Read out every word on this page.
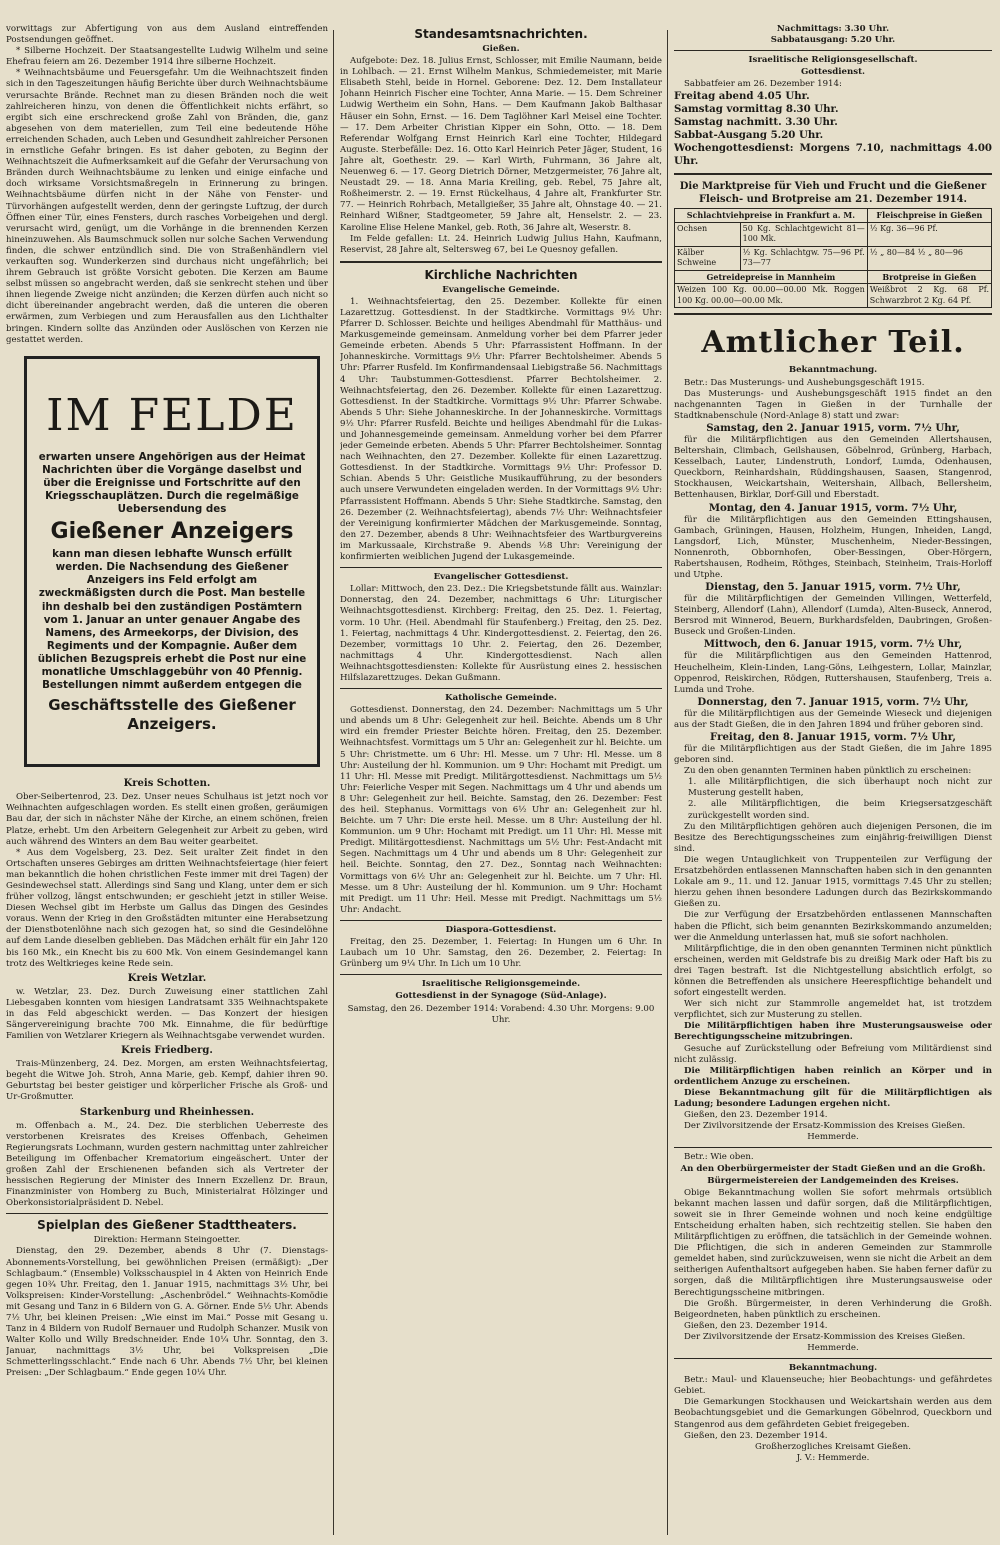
vorwittags zur Abfertigung von aus dem Ausland eintreffenden Postsendungen geöffnet.

* Silberne Hochzeit. Der Staatsangestellte Ludwig Wilhelm und seine Ehefrau feiern am 26. Dezember 1914 ihre silberne Hochzeit.

* Weihnachtsbäume und Feuersgefahr. Um die Weihnachtszeit finden sich in den Tageszeitungen häufig Berichte über durch Weihnachtsbäume verursachte Brände. Rechnet man zu diesen Bränden noch die weit zahlreicheren hinzu, von denen die Öffentlichkeit nichts erfährt, so ergibt sich eine erschreckend große Zahl von Bränden, die, ganz abgesehen von dem materiellen, zum Teil eine bedeutende Höhe erreichenden Schaden, auch Leben und Gesundheit zahlreicher Personen in ernstliche Gefahr bringen. Es ist daher geboten, zu Beginn der Weihnachtszeit die Aufmerksamkeit auf die Gefahr der Verursachung von Bränden durch Weihnachtsbäume zu lenken und einige einfache und doch wirksame Vorsichtsmaßregeln in Erinnerung zu bringen. Weihnachtsbäume dürfen nicht in der Nähe von Fenster- und Türvorhängen aufgestellt werden, denn der geringste Luftzug, der durch Öffnen einer Tür, eines Fensters, durch rasches Vorbeigehen und dergl. verursacht wird, genügt, um die Vorhänge in die brennenden Kerzen hineinzuwehen. Als Baumschmuck sollen nur solche Sachen Verwendung finden, die schwer entzündlich sind. Die von Straßenhändlern viel verkauften sog. Wunderkerzen sind durchaus nicht ungefährlich; bei ihrem Gebrauch ist größte Vorsicht geboten. Die Kerzen am Baume selbst müssen so angebracht werden, daß sie senkrecht stehen und über ihnen liegende Zweige nicht anzünden; die Kerzen dürfen auch nicht so dicht übereinander angebracht werden, daß die unteren die oberen erwärmen, zum Verbiegen und zum Herausfallen aus den Lichthalter bringen. Kindern sollte das Anzünden oder Auslöschen von Kerzen nie gestattet werden.

IM FELDE
erwarten unsere Angehörigen aus der Heimat Nachrichten über die Vorgänge daselbst und über die Ereignisse und Fortschritte auf den Kriegsschauplätzen. Durch die regelmäßige Uebersendung des
Gießener Anzeigers
kann man diesen lebhafte Wunsch erfüllt werden. Die Nachsendung des Gießener Anzeigers ins Feld erfolgt am zweckmäßigsten durch die Post. Man bestelle ihn deshalb bei den zuständigen Postämtern vom 1. Januar an unter genauer Angabe des Namens, des Armeekorps, der Division, des Regiments und der Kompagnie. Außer dem üblichen Bezugspreis erhebt die Post nur eine monatliche Umschlaggebühr von 40 Pfennig. Bestellungen nimmt außerdem entgegen die
Geschäftsstelle des Gießener Anzeigers.
Kreis Schotten.

Ober-Seibertenrod, 23. Dez. Unser neues Schulhaus ist jetzt noch vor Weihnachten aufgeschlagen worden. Es stellt einen großen, geräumigen Bau dar, der sich in nächster Nähe der Kirche, an einem schönen, freien Platze, erhebt. Um den Arbeitern Gelegenheit zur Arbeit zu geben, wird auch während des Winters an dem Bau weiter gearbeitet.

* Aus dem Vogelsberg, 23. Dez. Seit uralter Zeit findet in den Ortschaften unseres Gebirges am dritten Weihnachtsfeiertage (hier feiert man bekanntlich die hohen christlichen Feste immer mit drei Tagen) der Gesindewechsel statt. Allerdings sind Sang und Klang, unter dem er sich früher vollzog, längst entschwunden; er geschieht jetzt in stiller Weise. Diesen Wechsel gibt im Herbste um Gallus das Dingen des Gesindes voraus. Wenn der Krieg in den Großstädten mitunter eine Herabsetzung der Dienstbotenlöhne nach sich gezogen hat, so sind die Gesindelöhne auf dem Lande dieselben geblieben. Das Mädchen erhält für ein Jahr 120 bis 160 Mk., ein Knecht bis zu 600 Mk. Von einem Gesindemangel kann trotz des Weltkrieges keine Rede sein.

Kreis Wetzlar.

w. Wetzlar, 23. Dez. Durch Zuweisung einer stattlichen Zahl Liebesgaben konnten vom hiesigen Landratsamt 335 Weihnachtspakete in das Feld abgeschickt werden. — Das Konzert der hiesigen Sängervereinigung brachte 700 Mk. Einnahme, die für bedürftige Familien von Wetzlarer Kriegern als Weihnachtsgabe verwendet wurden.

Kreis Friedberg.

Trais-Münzenberg, 24. Dez. Morgen, am ersten Weihnachtsfeiertag, begeht die Witwe Joh. Stroh, Anna Marie, geb. Kempf, dahier ihren 90. Geburtstag bei bester geistiger und körperlicher Frische als Groß- und Ur-Großmutter.

Starkenburg und Rheinhessen.

m. Offenbach a. M., 24. Dez. Die sterblichen Ueberreste des verstorbenen Kreisrates des Kreises Offenbach, Geheimen Regierungsrats Lochmann, wurden gestern nachmittag unter zahlreicher Beteiligung im Offenbacher Krematorium eingeäschert. Unter der großen Zahl der Erschienenen befanden sich als Vertreter der hessischen Regierung der Minister des Innern Exzellenz Dr. Braun, Finanzminister von Homberg zu Buch, Ministerialrat Hölzinger und Oberkonsistorialpräsident D. Nebel.

Spielplan des Gießener Stadttheaters.

Direktion: Hermann Steingoetter.

Dienstag, den 29. Dezember, abends 8 Uhr (7. Dienstags-Abonnements-Vorstellung, bei gewöhnlichen Preisen (ermäßigt): „Der Schlagbaum.“ (Ensemble) Volksschauspiel in 4 Akten von Heinrich Ende gegen 10¾ Uhr. Freitag, den 1. Januar 1915, nachmittags 3½ Uhr, bei Volkspreisen: Kinder-Vorstellung: „Aschenbrödel.“ Weihnachts-Komödie mit Gesang und Tanz in 6 Bildern von G. A. Görner. Ende 5½ Uhr. Abends 7½ Uhr, bei kleinen Preisen: „Wie einst im Mai.“ Posse mit Gesang u. Tanz in 4 Bildern von Rudolf Bernauer und Rudolph Schanzer. Musik von Walter Kollo und Willy Bredschneider. Ende 10¼ Uhr. Sonntag, den 3. Januar, nachmittags 3½ Uhr, bei Volkspreisen „Die Schmetterlingsschlacht.“ Ende nach 6 Uhr. Abends 7½ Uhr, bei kleinen Preisen: „Der Schlagbaum.“ Ende gegen 10¼ Uhr.

Standesamtsnachrichten.
Gießen.

Aufgebote: Dez. 18. Julius Ernst, Schlosser, mit Emilie Naumann, beide in Lohlbach. — 21. Ernst Wilhelm Mankus, Schmiedemeister, mit Marie Elisabeth Stehl, beide in Hornel. Geborene: Dez. 12. Dem Installateur Johann Heinrich Fischer eine Tochter, Anna Marie. — 15. Dem Schreiner Ludwig Wertheim ein Sohn, Hans. — Dem Kaufmann Jakob Balthasar Häuser ein Sohn, Ernst. — 16. Dem Taglöhner Karl Meisel eine Tochter. — 17. Dem Arbeiter Christian Kipper ein Sohn, Otto. — 18. Dem Referendar Wolfgang Ernst Heinrich Karl eine Tochter, Hildegard Auguste. Sterbefälle: Dez. 16. Otto Karl Heinrich Peter Jäger, Student, 16 Jahre alt, Goethestr. 29. — Karl Wirth, Fuhrmann, 36 Jahre alt, Neuenweg 6. — 17. Georg Dietrich Dörner, Metzgermeister, 76 Jahre alt, Neustadt 29. — 18. Anna Maria Kreiling, geb. Rebel, 75 Jahre alt, Roßheimerstr. 2. — 19. Ernst Rückelhaus, 4 Jahre alt, Frankfurter Str. 77. — Heinrich Rohrbach, Metallgießer, 35 Jahre alt, Ohnstage 40. — 21. Reinhard Wißner, Stadtgeometer, 59 Jahre alt, Henselstr. 2. — 23. Karoline Elise Helene Mankel, geb. Roth, 36 Jahre alt, Weserstr. 8.

Im Felde gefallen: Lt. 24. Heinrich Ludwig Julius Hahn, Kaufmann, Reservist, 28 Jahre alt, Seltersweg 67, bei Le Quesnoy gefallen.

Kirchliche Nachrichten
Evangelische Gemeinde.

1. Weihnachtsfeiertag, den 25. Dezember. Kollekte für einen Lazarettzug. Gottesdienst. In der Stadtkirche. Vormittags 9½ Uhr: Pfarrer D. Schlosser. Beichte und heiliges Abendmahl für Matthäus- und Markusgemeinde gemeinsam. Anmeldung vorher bei dem Pfarrer jeder Gemeinde erbeten. Abends 5 Uhr: Pfarrassistent Hoffmann. In der Johanneskirche. Vormittags 9½ Uhr: Pfarrer Bechtolsheimer. Abends 5 Uhr: Pfarrer Rusfeld. Im Konfirmandensaal Liebigstraße 56. Nachmittags 4 Uhr: Taubstummen-Gottesdienst. Pfarrer Bechtolsheimer. 2. Weihnachtsfeiertag, den 26. Dezember. Kollekte für einen Lazarettzug. Gottesdienst. In der Stadtkirche. Vormittags 9½ Uhr: Pfarrer Schwabe. Abends 5 Uhr: Siehe Johanneskirche. In der Johanneskirche. Vormittags 9½ Uhr: Pfarrer Rusfeld. Beichte und heiliges Abendmahl für die Lukas- und Johannesgemeinde gemeinsam. Anmeldung vorher bei dem Pfarrer jeder Gemeinde erbeten. Abends 5 Uhr: Pfarrer Bechtolsheimer. Sonntag nach Weihnachten, den 27. Dezember. Kollekte für einen Lazarettzug. Gottesdienst. In der Stadtkirche. Vormittags 9½ Uhr: Professor D. Schian. Abends 5 Uhr: Geistliche Musikaufführung, zu der besonders auch unsere Verwundeten eingeladen werden. In der Vormittags 9½ Uhr: Pfarrassistent Hoffmann. Abends 5 Uhr: Siehe Stadtkirche. Samstag, den 26. Dezember (2. Weihnachtsfeiertag), abends 7½ Uhr: Weihnachtsfeier der Vereinigung konfirmierter Mädchen der Markusgemeinde. Sonntag, den 27. Dezember, abends 8 Uhr: Weihnachtsfeier des Wartburgvereins im Markussaale, Kirchstraße 9. Abends ½8 Uhr: Vereinigung der konfirmierten weiblichen Jugend der Lukasgemeinde.

Evangelischer Gottesdienst.

Lollar: Mittwoch, den 23. Dez.: Die Kriegsbetstunde fällt aus. Wainzlar: Donnerstag, den 24. Dezember, nachmittags 6 Uhr: Liturgischer Weihnachtsgottesdienst. Kirchberg: Freitag, den 25. Dez. 1. Feiertag, vorm. 10 Uhr. (Heil. Abendmahl für Staufenberg.) Freitag, den 25. Dez. 1. Feiertag, nachmittags 4 Uhr. Kindergottesdienst. 2. Feiertag, den 26. Dezember, vormittags 10 Uhr. 2. Feiertag, den 26. Dezember, nachmittags 4 Uhr. Kindergottesdienst. Nach allen Weihnachtsgottesdiensten: Kollekte für Ausrüstung eines 2. hessischen Hilfslazarettzuges. Dekan Gußmann.

Katholische Gemeinde.

Gottesdienst. Donnerstag, den 24. Dezember: Nachmittags um 5 Uhr und abends um 8 Uhr: Gelegenheit zur heil. Beichte. Abends um 8 Uhr wird ein fremder Priester Beichte hören. Freitag, den 25. Dezember. Weihnachtsfest. Vormittags um 5 Uhr an: Gelegenheit zur hl. Beichte. um 5 Uhr: Christmette. um 6 Uhr: Hl. Messe. um 7 Uhr: Hl. Messe. um 8 Uhr: Austeilung der hl. Kommunion. um 9 Uhr: Hochamt mit Predigt. um 11 Uhr: Hl. Messe mit Predigt. Militärgottesdienst. Nachmittags um 5½ Uhr: Feierliche Vesper mit Segen. Nachmittags um 4 Uhr und abends um 8 Uhr: Gelegenheit zur heil. Beichte. Samstag, den 26. Dezember: Fest des heil. Stephanus. Vormittags von 6½ Uhr an: Gelegenheit zur hl. Beichte. um 7 Uhr: Die erste heil. Messe. um 8 Uhr: Austeilung der hl. Kommunion. um 9 Uhr: Hochamt mit Predigt. um 11 Uhr: Hl. Messe mit Predigt. Militärgottesdienst. Nachmittags um 5½ Uhr: Fest-Andacht mit Segen. Nachmittags um 4 Uhr und abends um 8 Uhr: Gelegenheit zur heil. Beichte. Sonntag, den 27. Dez., Sonntag nach Weihnachten: Vormittags von 6½ Uhr an: Gelegenheit zur hl. Beichte. um 7 Uhr: Hl. Messe. um 8 Uhr: Austeilung der hl. Kommunion. um 9 Uhr: Hochamt mit Predigt. um 11 Uhr: Heil. Messe mit Predigt. Nachmittags um 5½ Uhr: Andacht.

Diaspora-Gottesdienst.

Freitag, den 25. Dezember, 1. Feiertag: In Hungen um 6 Uhr. In Laubach um 10 Uhr. Samstag, den 26. Dezember, 2. Feiertag: In Grünberg um 9¼ Uhr. In Lich um 10 Uhr.

Israelitische Religionsgemeinde.
Gottesdienst in der Synagoge (Süd-Anlage).

Samstag, den 26. Dezember 1914: Vorabend: 4.30 Uhr. Morgens: 9.00 Uhr.

Nachmittags: 3.30 Uhr.

Sabbatausgang: 5.20 Uhr.

Israelitische Religionsgesellschaft.
Gottesdienst.

Sabbatfeier am 26. Dezember 1914:

Freitag abend 4.05 Uhr.

Samstag vormittag 8.30 Uhr.

Samstag nachmitt. 3.30 Uhr.

Sabbat-Ausgang 5.20 Uhr.

Wochengottesdienst: Morgens 7.10, nachmittags 4.00 Uhr.

Die Marktpreise für Vieh und Frucht und die Gießener Fleisch- und Brotpreise am 21. Dezember 1914.
Schlachtviehpreise in Frankfurt a. M.		Fleischpreise in Gießen
Ochsen	50 Kg. Schlachtgewicht 81—100 Mk.	½ Kg. 36—96 Pf.
Kälber Schweine	½ Kg. Schlachtgw. 75—96 Pf. 73—77	½ „ 80—84 ½ „ 80—96
Getreidepreise in Mannheim		Brotpreise in Gießen
Weizen 100 Kg. 00.00—00.00 Mk. Roggen 100 Kg. 00.00—00.00 Mk.		Weißbrot 2 Kg. 68 Pf. Schwarzbrot 2 Kg. 64 Pf.
Amtlicher Teil.
Bekanntmachung.

Betr.: Das Musterungs- und Aushebungsgeschäft 1915.

Das Musterungs- und Aushebungsgeschäft 1915 findet an den nachgenannten Tagen in Gießen in der Turnhalle der Stadtknabenschule (Nord-Anlage 8) statt und zwar:

Samstag, den 2. Januar 1915, vorm. 7½ Uhr,

für die Militärpflichtigen aus den Gemeinden Allertshausen, Beltershain, Climbach, Geilshausen, Göbelnrod, Grünberg, Harbach, Kesselbach, Lauter, Lindenstruth, Londorf, Lumda, Odenhausen, Queckborn, Reinhardshain, Rüddingshausen, Saasen, Stangenrod, Stockhausen, Weickartshain, Weitershain, Allbach, Bellersheim, Bettenhausen, Birklar, Dorf-Gill und Eberstadt.

Montag, den 4. Januar 1915, vorm. 7½ Uhr,

für die Militärpflichtigen aus den Gemeinden Ettingshausen, Gambach, Grüningen, Hausen, Holzheim, Hungen, Inheiden, Langd, Langsdorf, Lich, Münster, Muschenheim, Nieder-Bessingen, Nonnenroth, Obbornhofen, Ober-Bessingen, Ober-Hörgern, Rabertshausen, Rodheim, Röthges, Steinbach, Steinheim, Trais-Horloff und Utphe.

Dienstag, den 5. Januar 1915, vorm. 7½ Uhr,

für die Militärpflichtigen der Gemeinden Villingen, Wetterfeld, Steinberg, Allendorf (Lahn), Allendorf (Lumda), Alten-Buseck, Annerod, Bersrod mit Winnerod, Beuern, Burkhardsfelden, Daubringen, Großen-Buseck und Großen-Linden.

Mittwoch, den 6. Januar 1915, vorm. 7½ Uhr,

für die Militärpflichtigen aus den Gemeinden Hattenrod, Heuchelheim, Klein-Linden, Lang-Göns, Leihgestern, Lollar, Mainzlar, Oppenrod, Reiskirchen, Rödgen, Ruttershausen, Staufenberg, Treis a. Lumda und Trohe.

Donnerstag, den 7. Januar 1915, vorm. 7½ Uhr,

für die Militärpflichtigen aus der Gemeinde Wieseck und diejenigen aus der Stadt Gießen, die in den Jahren 1894 und früher geboren sind.

Freitag, den 8. Januar 1915, vorm. 7½ Uhr,

für die Militärpflichtigen aus der Stadt Gießen, die im Jahre 1895 geboren sind.

Zu den oben genannten Terminen haben pünktlich zu erscheinen:

1. alle Militärpflichtigen, die sich überhaupt noch nicht zur Musterung gestellt haben,

2. alle Militärpflichtigen, die beim Kriegsersatzgeschäft zurückgestellt worden sind.

Zu den Militärpflichtigen gehören auch diejenigen Personen, die im Besitze des Berechtigungsscheines zum einjährig-freiwilligen Dienst sind.

Die wegen Untauglichkeit von Truppenteilen zur Verfügung der Ersatzbehörden entlassenen Mannschaften haben sich in den genannten Lokale am 9., 11. und 12. Januar 1915, vormittags 7.45 Uhr zu stellen; hierzu gehen ihnen besondere Ladungen durch das Bezirkskommando Gießen zu.

Die zur Verfügung der Ersatzbehörden entlassenen Mannschaften haben die Pflicht, sich beim genannten Bezirkskommando anzumelden; wer die Anmeldung unterlassen hat, muß sie sofort nachholen.

Militärpflichtige, die in den oben genannten Terminen nicht pünktlich erscheinen, werden mit Geldstrafe bis zu dreißig Mark oder Haft bis zu drei Tagen bestraft. Ist die Nichtgestellung absichtlich erfolgt, so können die Betreffenden als unsichere Heerespflichtige behandelt und sofort eingestellt werden.

Wer sich nicht zur Stammrolle angemeldet hat, ist trotzdem verpflichtet, sich zur Musterung zu stellen.

Die Militärpflichtigen haben ihre Musterungsausweise oder Berechtigungsscheine mitzubringen.

Gesuche auf Zurückstellung oder Befreiung vom Militärdienst sind nicht zulässig.

Die Militärpflichtigen haben reinlich an Körper und in ordentlichem Anzuge zu erscheinen.

Diese Bekanntmachung gilt für die Militärpflichtigen als Ladung; besondere Ladungen ergehen nicht.

Gießen, den 23. Dezember 1914.

Der Zivilvorsitzende der Ersatz-Kommission des Kreises Gießen.

Hemmerde.

Betr.: Wie oben.

An den Oberbürgermeister der Stadt Gießen und an die Großh. Bürgermeistereien der Landgemeinden des Kreises.

Obige Bekanntmachung wollen Sie sofort mehrmals ortsüblich bekannt machen lassen und dafür sorgen, daß die Militärpflichtigen, soweit sie in Ihrer Gemeinde wohnen und noch keine endgültige Entscheidung erhalten haben, sich rechtzeitig stellen. Sie haben den Militärpflichtigen zu eröffnen, die tatsächlich in der Gemeinde wohnen. Die Pflichtigen, die sich in anderen Gemeinden zur Stammrolle gemeldet haben, sind zurückzuweisen, wenn sie nicht die Arbeit an dem seitherigen Aufenthaltsort aufgegeben haben. Sie haben ferner dafür zu sorgen, daß die Militärpflichtigen ihre Musterungsausweise oder Berechtigungsscheine mitbringen.

Die Großh. Bürgermeister, in deren Verhinderung die Großh. Beigeordneten, haben pünktlich zu erscheinen.

Gießen, den 23. Dezember 1914.

Der Zivilvorsitzende der Ersatz-Kommission des Kreises Gießen.

Hemmerde.

Bekanntmachung.

Betr.: Maul- und Klauenseuche; hier Beobachtungs- und gefährdetes Gebiet.

Die Gemarkungen Stockhausen und Weickartshain werden aus dem Beobachtungsgebiet und die Gemarkungen Göbelnrod, Queckborn und Stangenrod aus dem gefährdeten Gebiet freigegeben.

Gießen, den 23. Dezember 1914.

Großherzogliches Kreisamt Gießen.

J. V.: Hemmerde.
